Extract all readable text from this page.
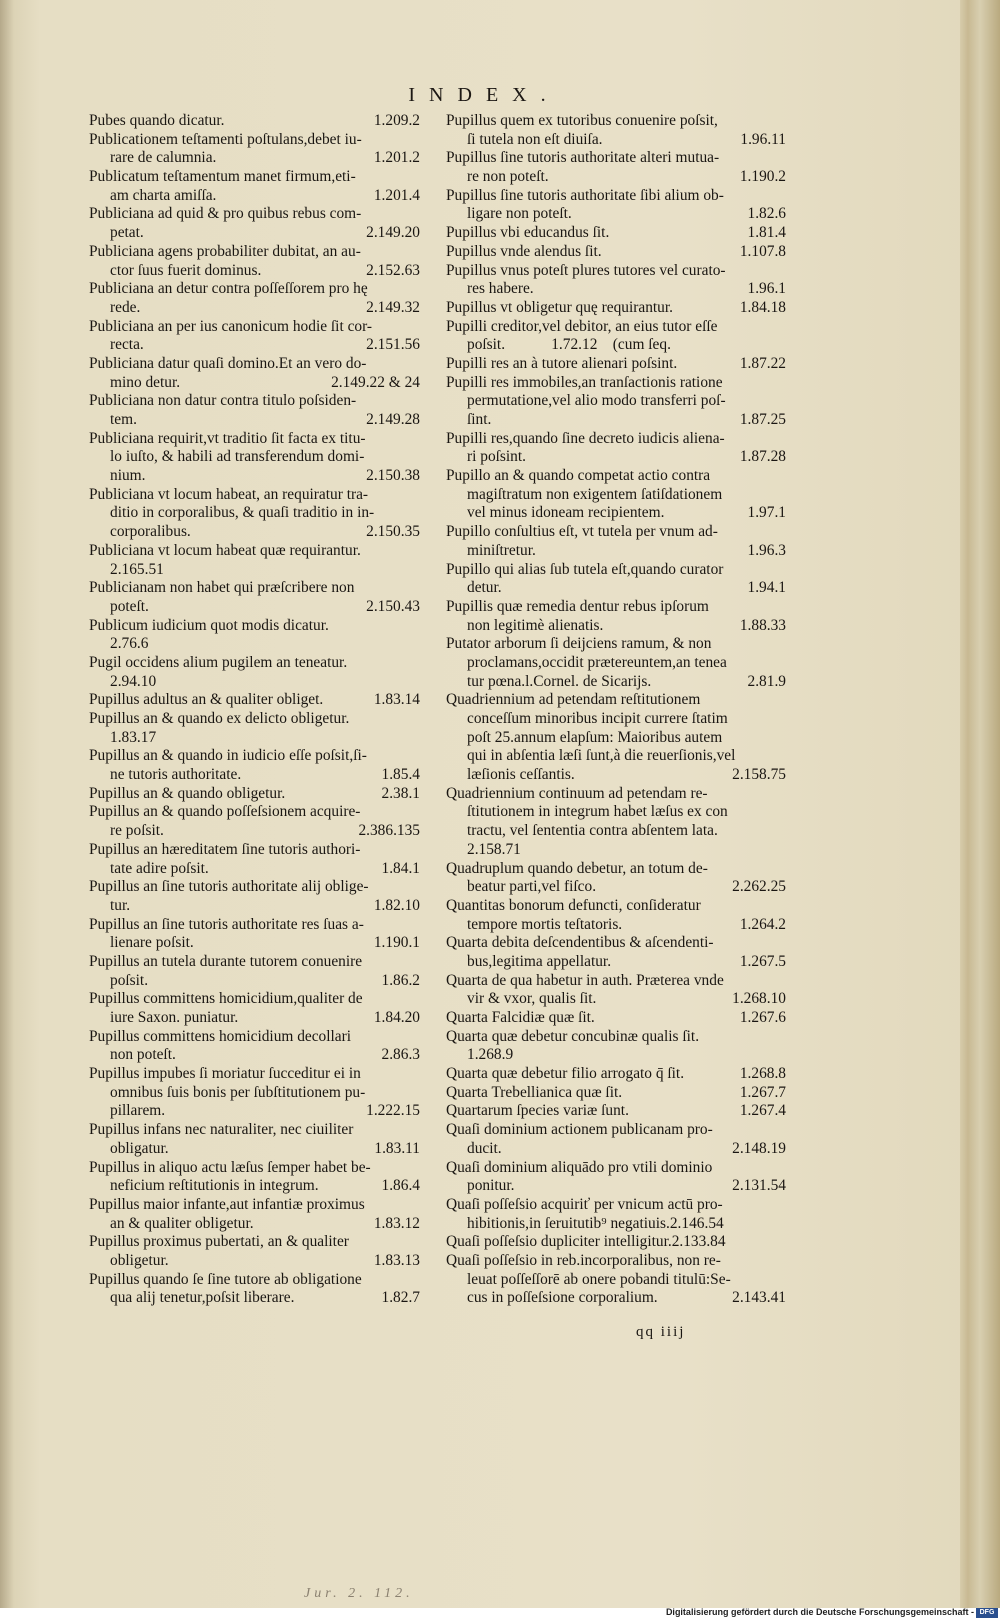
INDEX.
Pubes quando dicatur.	1.209.2
Publicationem teſtamenti poſtulans,debet iu-
rare de calumnia.	1.201.2
Publicatum teſtamentum manet firmum,eti-
am charta amiſſa.	1.201.4
Publiciana ad quid & pro quibus rebus com-
petat.	2.149.20
Publiciana agens probabiliter dubitat, an au-
ctor ſuus fuerit dominus.	2.152.63
Publiciana an detur contra poſſeſſorem pro hę
rede.	2.149.32
Publiciana an per ius canonicum hodie ſit cor-
recta.	2.151.56
Publiciana datur quaſi domino.Et an vero do-
mino detur.	2.149.22 & 24
Publiciana non datur contra titulo poſsiden-
tem.	2.149.28
Publiciana requirit,vt traditio ſit facta ex titu-
lo iuſto, & habili ad transferendum domi-
nium.	2.150.38
Publiciana vt locum habeat, an requiratur tra-
ditio in corporalibus, & quaſi traditio in in-
corporalibus.	2.150.35
Publiciana vt locum habeat quæ requirantur.
2.165.51
Publicianam non habet qui præſcribere non
poteſt.	2.150.43
Publicum iudicium quot modis dicatur.
2.76.6
Pugil occidens alium pugilem an teneatur.
2.94.10
Pupillus adultus an & qualiter obliget.	1.83.14
Pupillus an & quando ex delicto obligetur.
1.83.17
Pupillus an & quando in iudicio eſſe poſsit,ſi-
ne tutoris authoritate.	1.85.4
Pupillus an & quando obligetur.	2.38.1
Pupillus an & quando poſſeſsionem acquire-
re poſsit.	2.386.135
Pupillus an hæreditatem ſine tutoris authori-
tate adire poſsit.	1.84.1
Pupillus an ſine tutoris authoritate alij oblige-
tur.	1.82.10
Pupillus an ſine tutoris authoritate res ſuas a-
lienare poſsit.	1.190.1
Pupillus an tutela durante tutorem conuenire
poſsit.	1.86.2
Pupillus committens homicidium,qualiter de
iure Saxon. puniatur.	1.84.20
Pupillus committens homicidium decollari
non poteſt.	2.86.3
Pupillus impubes ſi moriatur ſucceditur ei in
omnibus ſuis bonis per ſubſtitutionem pu-
pillarem.	1.222.15
Pupillus infans nec naturaliter, nec ciuiliter
obligatur.	1.83.11
Pupillus in aliquo actu læſus ſemper habet be-
neficium reſtitutionis in integrum.	1.86.4
Pupillus maior infante,aut infantiæ proximus
an & qualiter obligetur.	1.83.12
Pupillus proximus pubertati, an & qualiter
obligetur.	1.83.13
Pupillus quando ſe ſine tutore ab obligatione
qua alij tenetur,poſsit liberare.	1.82.7
Pupillus quem ex tutoribus conuenire poſsit,
ſi tutela non eſt diuiſa.	1.96.11
Pupillus ſine tutoris authoritate alteri mutua-
re non poteſt.	1.190.2
Pupillus ſine tutoris authoritate ſibi alium ob-
ligare non poteſt.	1.82.6
Pupillus vbi educandus ſit.	1.81.4
Pupillus vnde alendus ſit.	1.107.8
Pupillus vnus poteſt plures tutores vel curato-
res habere.	1.96.1
Pupillus vt obligetur quę requirantur.	1.84.18
Pupilli creditor,vel debitor, an eius tutor eſſe
poſsit.            1.72.12    (cum ſeq.
Pupilli res an à tutore alienari poſsint.	1.87.22
Pupilli res immobiles,an tranſactionis ratione
permutatione,vel alio modo transferri poſ-
ſint.	1.87.25
Pupilli res,quando ſine decreto iudicis aliena-
ri poſsint.	1.87.28
Pupillo an & quando competat actio contra
magiſtratum non exigentem ſatiſdationem
vel minus idoneam recipientem.	1.97.1
Pupillo conſultius eſt, vt tutela per vnum ad-
miniſtretur.	1.96.3
Pupillo qui alias ſub tutela eſt,quando curator
detur.	1.94.1
Pupillis quæ remedia dentur rebus ipſorum
non legitimè alienatis.	1.88.33
Putator arborum ſi deijciens ramum, & non
proclamans,occidit prætereuntem,an tenea
tur pœna.l.Cornel. de Sicarijs.	2.81.9
Quadriennium ad petendam reſtitutionem
conceſſum minoribus incipit currere ſtatim
poſt 25.annum elapſum: Maioribus autem
qui in abſentia læſi ſunt,à die reuerſionis,vel
læſionis ceſſantis.	2.158.75
Quadriennium continuum ad petendam re-
ſtitutionem in integrum habet læſus ex con
tractu, vel ſententia contra abſentem lata.
2.158.71
Quadruplum quando debetur, an totum de-
beatur parti,vel fiſco.	2.262.25
Quantitas bonorum defuncti, conſideratur
tempore mortis teſtatoris.	1.264.2
Quarta debita deſcendentibus & aſcendenti-
bus,legitima appellatur.	1.267.5
Quarta de qua habetur in auth. Præterea vnde
vir & vxor, qualis ſit.	1.268.10
Quarta Falcidiæ quæ ſit.	1.267.6
Quarta quæ debetur concubinæ qualis ſit.
1.268.9
Quarta quæ debetur filio arrogato q̄ ſit.	1.268.8
Quarta Trebellianica quæ ſit.	1.267.7
Quartarum ſpecies variæ ſunt.	1.267.4
Quaſi dominium actionem publicanam pro-
ducit.	2.148.19
Quaſi dominium aliquādo pro vtili dominio
ponitur.	2.131.54
Quaſi poſſeſsio acquiriť per vnicum actū pro-
hibitionis,in ſeruitutib⁹ negatiuis.2.146.54
Quaſi poſſeſsio dupliciter intelligitur.2.133.84
Quaſi poſſeſsio in reb.incorporalibus, non re-
leuat poſſeſſorē ab onere pobandi titulū:Se-
cus in poſſeſsione corporalium.	2.143.41
qq iiij
Jur. 2. 112.
Digitalisierung gefördert durch die Deutsche Forschungsgemeinschaft - DFG
